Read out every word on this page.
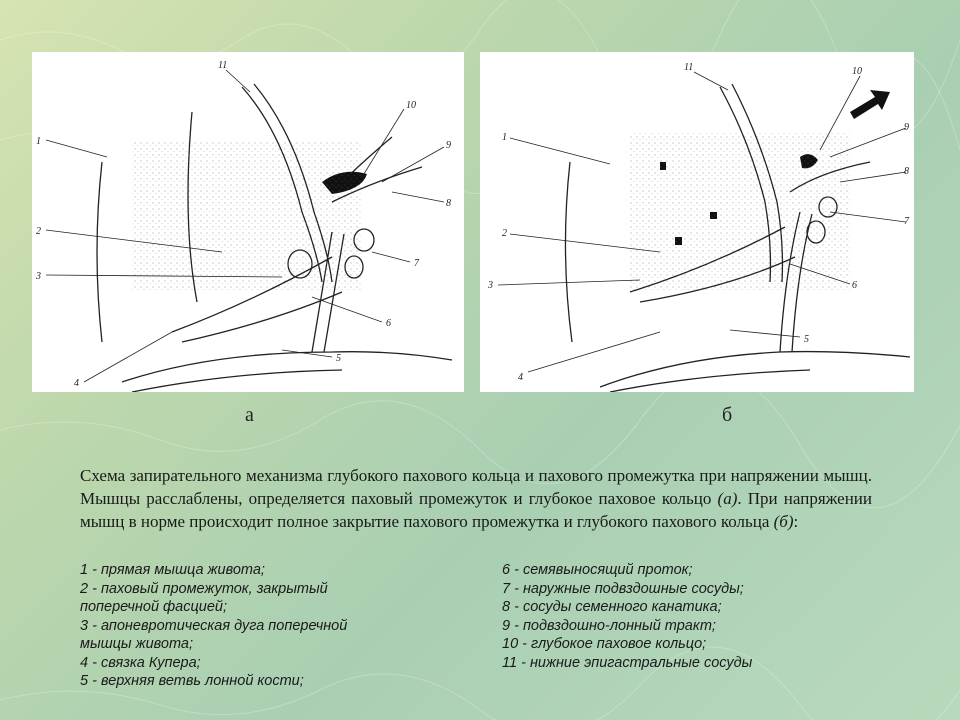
1
2
3
4
5
6
7
8
9
10
11
1
2
3
4
5
6
7
8
9
10
11
а	б
Схема запирательного механизма глубокого пахового кольца и пахового промежутка при напряжении мышц. Мышцы расслаблены, определяется паховый промежуток и глубокое паховое кольцо (а). При напряжении мышц в норме происходит полное закрытие пахового промежутка и глубокого пахового кольца (б):
1 - прямая мышца живота;
2 - паховый промежуток, закрытый
поперечной фасцией;
3 - апоневротическая дуга поперечной
мышцы живота;
4 - связка Купера;
5 - верхняя ветвь лонной кости;
6 - семявыносящий проток;
7 - наружные подвздошные сосуды;
8 - сосуды семенного канатика;
9 - подвздошно-лонный тракт;
10 - глубокое паховое кольцо;
11 - нижние эпигастральные сосуды
